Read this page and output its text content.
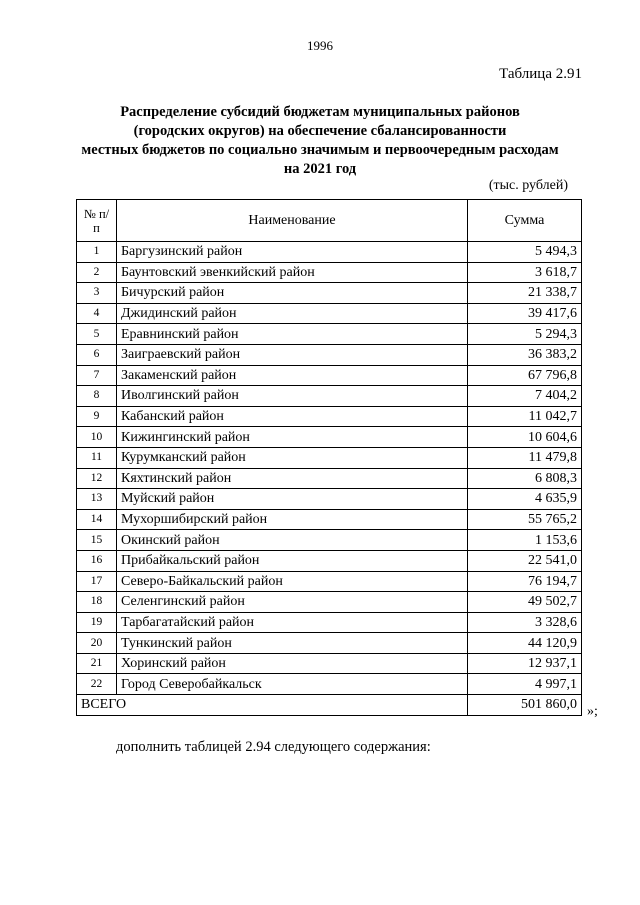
1996
Таблица 2.91
Распределение субсидий бюджетам муниципальных районов
(городских округов) на обеспечение сбалансированности
местных бюджетов по социально значимым и первоочередным расходам
на 2021 год
(тыс. рублей)
№ п/п	Наименование	Сумма
1	Баргузинский район	5 494,3
2	Баунтовский эвенкийский район	3 618,7
3	Бичурский район	21 338,7
4	Джидинский район	39 417,6
5	Еравнинский район	5 294,3
6	Заиграевский район	36 383,2
7	Закаменский район	67 796,8
8	Иволгинский район	7 404,2
9	Кабанский район	11 042,7
10	Кижингинский район	10 604,6
11	Курумканский район	11 479,8
12	Кяхтинский район	6 808,3
13	Муйский район	4 635,9
14	Мухоршибирский район	55 765,2
15	Окинский район	1 153,6
16	Прибайкальский район	22 541,0
17	Северо-Байкальский район	76 194,7
18	Селенгинский район	49 502,7
19	Тарбагатайский район	3 328,6
20	Тункинский район	44 120,9
21	Хоринский район	12 937,1
22	Город Северобайкальск	4 997,1
ВСЕГО		501 860,0 »;
дополнить таблицей 2.94 следующего содержания:
